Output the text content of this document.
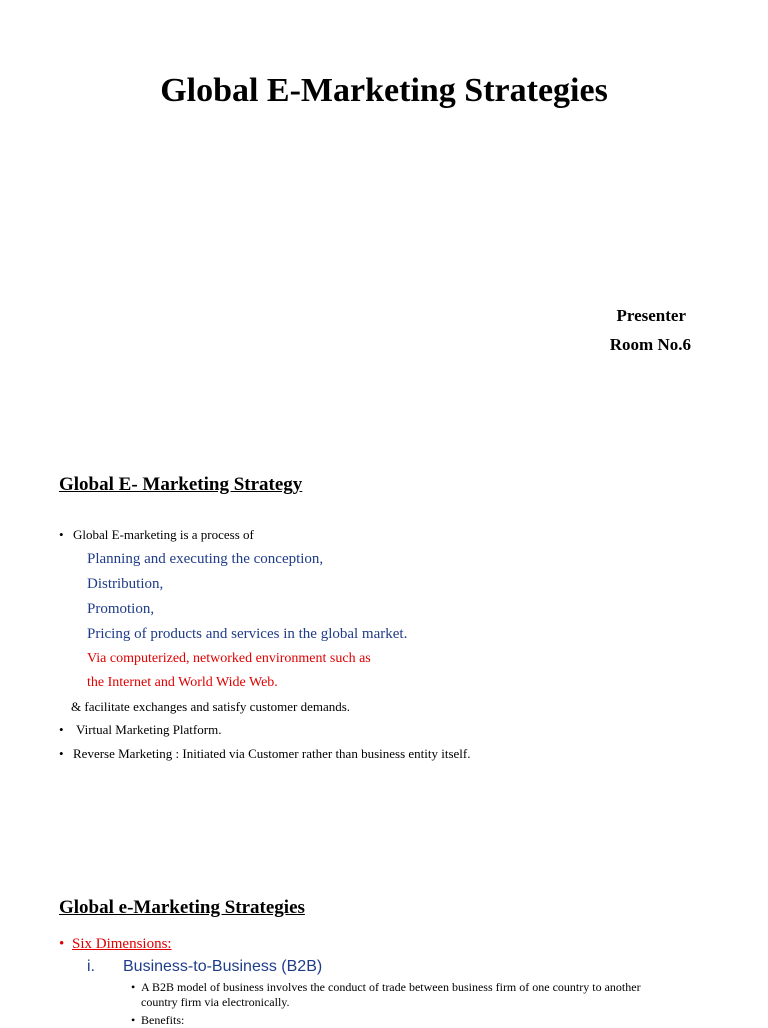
Global E-Marketing Strategies
Presenter
Room No.6
Global E- Marketing Strategy
• Global E-marketing is a process of
Planning and executing the conception,
Distribution,
Promotion,
Pricing of products and services in the global market.
Via computerized, networked environment such as
the Internet and World Wide Web.
& facilitate exchanges and satisfy customer demands.
• Virtual Marketing Platform.
• Reverse Marketing : Initiated via Customer rather than business entity itself.
Global e-Marketing Strategies
• Six Dimensions:
i. Business-to-Business (B2B)
• A B2B model of business involves the conduct of trade between business firm of one country to another
country firm via electronically.
• Benefits:
